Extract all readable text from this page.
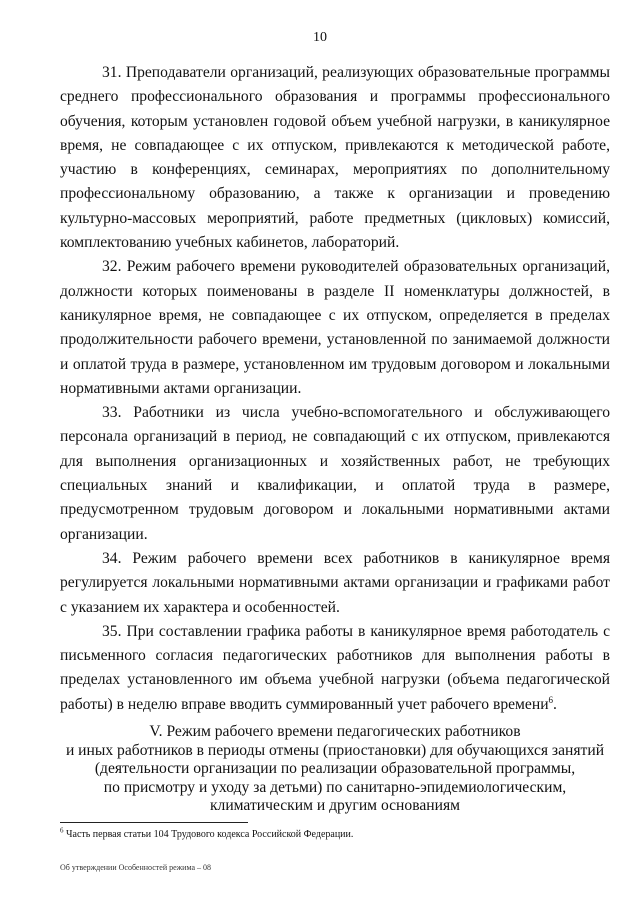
10

31. Преподаватели организаций, реализующих образовательные программы среднего профессионального образования и программы профессионального обучения, которым установлен годовой объем учебной нагрузки, в каникулярное время, не совпадающее с их отпуском, привлекаются к методической работе, участию в конференциях, семинарах, мероприятиях по дополнительному профессиональному образованию, а также к организации и проведению культурно-массовых мероприятий, работе предметных (цикловых) комиссий, комплектованию учебных кабинетов, лабораторий.

32. Режим рабочего времени руководителей образовательных организаций, должности которых поименованы в разделе II номенклатуры должностей, в каникулярное время, не совпадающее с их отпуском, определяется в пределах продолжительности рабочего времени, установленной по занимаемой должности и оплатой труда в размере, установленном им трудовым договором и локальными нормативными актами организации.

33. Работники из числа учебно-вспомогательного и обслуживающего персонала организаций в период, не совпадающий с их отпуском, привлекаются для выполнения организационных и хозяйственных работ, не требующих специальных знаний и квалификации, и оплатой труда в размере, предусмотренном трудовым договором и локальными нормативными актами организации.

34. Режим рабочего времени всех работников в каникулярное время регулируется локальными нормативными актами организации и графиками работ с указанием их характера и особенностей.

35. При составлении графика работы в каникулярное время работодатель с письменного согласия педагогических работников для выполнения работы в пределах установленного им объема учебной нагрузки (объема педагогической работы) в неделю вправе вводить суммированный учет рабочего времени$^6$.

V. Режим рабочего времени педагогических работников
и иных работников в периоды отмены (приостановки) для обучающихся занятий
(деятельности организации по реализации образовательной программы,
по присмотру и уходу за детьми) по санитарно-эпидемиологическим,
климатическим и другим основаниям
$^6$ Часть первая статьи 104 Трудового кодекса Российской Федерации.
Об утверждении Особенностей режима – 08
